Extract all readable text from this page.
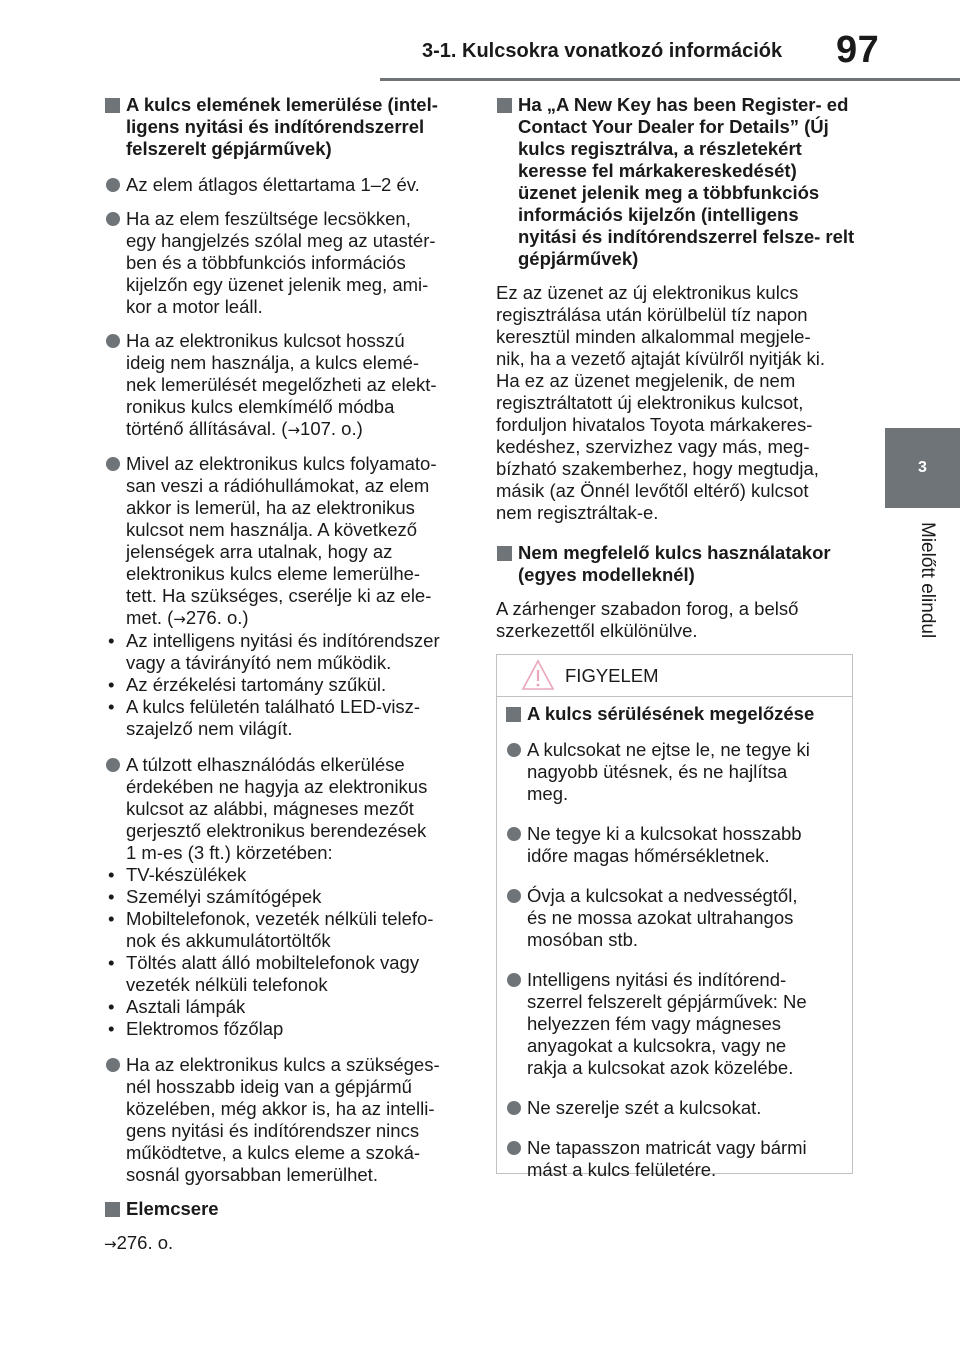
3-1. Kulcsokra vonatkozó információk 97
3
Mielőtt elindul
A kulcs elemének lemerülése (intel- ligens nyitási és indítórendszerrel felszerelt gépjárművek)
Az elem átlagos élettartama 1–2 év.
Ha az elem feszültsége lecsökken,
egy hangjelzés szólal meg az utastér-
ben és a többfunkciós információs
kijelzőn egy üzenet jelenik meg, ami-
kor a motor leáll.
Ha az elektronikus kulcsot hosszú
ideig nem használja, a kulcs elemé-
nek lemerülését megelőzheti az elekt-
ronikus kulcs elemkímélő módba
történő állításával. (→107. o.)
Mivel az elektronikus kulcs folyamato-
san veszi a rádióhullámokat, az elem
akkor is lemerül, ha az elektronikus
kulcsot nem használja. A következő
jelenségek arra utalnak, hogy az
elektronikus kulcs eleme lemerülhe-
tett. Ha szükséges, cserélje ki az ele-
met. (→276. o.)
• Az intelligens nyitási és indítórendszer
vagy a távirányító nem működik.
• Az érzékelési tartomány szűkül.
• A kulcs felületén található LED-visz-
szajelző nem világít.
A túlzott elhasználódás elkerülése
érdekében ne hagyja az elektronikus
kulcsot az alábbi, mágneses mezőt
gerjesztő elektronikus berendezések
1 m-es (3 ft.) körzetében:
• TV-készülékek
• Személyi számítógépek
• Mobiltelefonok, vezeték nélküli telefo-
nok és akkumulátortöltők
• Töltés alatt álló mobiltelefonok vagy
vezeték nélküli telefonok
• Asztali lámpák
• Elektromos főzőlap
Ha az elektronikus kulcs a szükséges-
nél hosszabb ideig van a gépjármű
közelében, még akkor is, ha az intelli-
gens nyitási és indítórendszer nincs
működtetve, a kulcs eleme a szoká-
sosnál gyorsabban lemerülhet.
Elemcsere
→276. o.
Ha „A New Key has been Register- ed Contact Your Dealer for Details” (Új kulcs regisztrálva, a részletekért keresse fel márkakereskedését) üzenet jelenik meg a többfunkciós információs kijelzőn (intelligens nyitási és indítórendszerrel felsze- relt gépjárművek)
Ez az üzenet az új elektronikus kulcs
regisztrálása után körülbelül tíz napon
keresztül minden alkalommal megjele-
nik, ha a vezető ajtaját kívülről nyitják ki.
Ha ez az üzenet megjelenik, de nem
regisztráltatott új elektronikus kulcsot,
forduljon hivatalos Toyota márkakeres-
kedéshez, szervizhez vagy más, meg-
bízható szakemberhez, hogy megtudja,
másik (az Önnél levőtől eltérő) kulcsot
nem regisztráltak-e.
Nem megfelelő kulcs használatakor (egyes modelleknél)
A zárhenger szabadon forog, a belső
szerkezettől elkülönülve.
FIGYELEM
A kulcs sérülésének megelőzése
A kulcsokat ne ejtse le, ne tegye ki
nagyobb ütésnek, és ne hajlítsa
meg.
Ne tegye ki a kulcsokat hosszabb
időre magas hőmérsékletnek.
Óvja a kulcsokat a nedvességtől,
és ne mossa azokat ultrahangos
mosóban stb.
Intelligens nyitási és indítórend-
szerrel felszerelt gépjárművek: Ne
helyezzen fém vagy mágneses
anyagokat a kulcsokra, vagy ne
rakja a kulcsokat azok közelébe.
Ne szerelje szét a kulcsokat.
Ne tapasszon matricát vagy bármi
mást a kulcs felületére.
